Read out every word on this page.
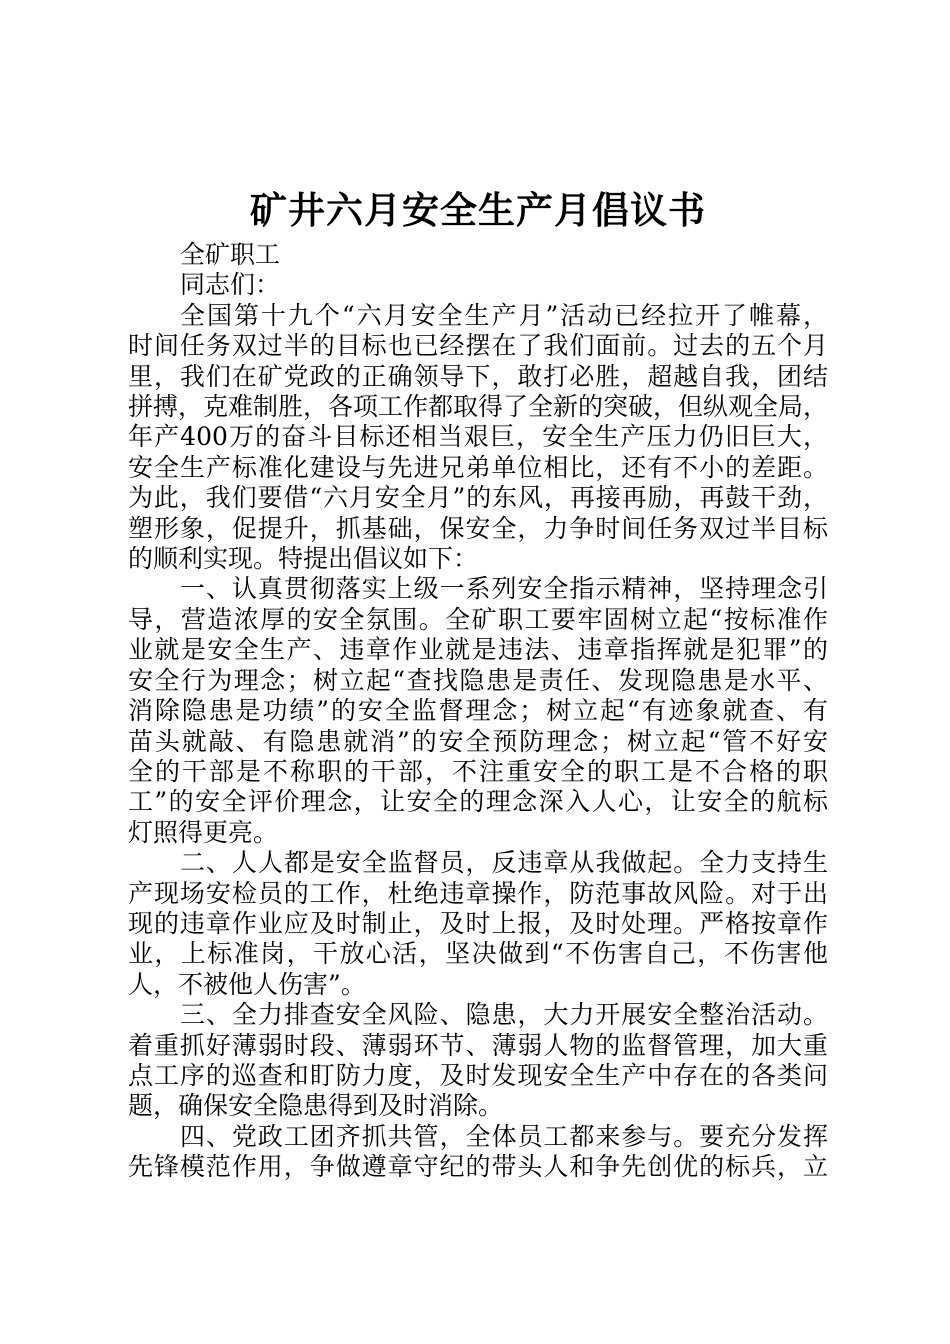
矿井六月安全生产月倡议书

全矿职工

同志们：

全国第十九个“六月安全生产月”活动已经拉开了帷幕，

时间任务双过半的目标也已经摆在了我们面前。过去的五个月

里，我们在矿党政的正确领导下，敢打必胜，超越自我，团结

拼搏，克难制胜，各项工作都取得了全新的突破，但纵观全局，

年产400万的奋斗目标还相当艰巨，安全生产压力仍旧巨大，

安全生产标准化建设与先进兄弟单位相比，还有不小的差距。

为此，我们要借“六月安全月”的东风，再接再励，再鼓干劲，

塑形象，促提升，抓基础，保安全，力争时间任务双过半目标

的顺利实现。特提出倡议如下：

一、认真贯彻落实上级一系列安全指示精神，坚持理念引

导，营造浓厚的安全氛围。全矿职工要牢固树立起“按标准作

业就是安全生产、违章作业就是违法、违章指挥就是犯罪”的

安全行为理念；树立起“查找隐患是责任、发现隐患是水平、

消除隐患是功绩”的安全监督理念；树立起“有迹象就查、有

苗头就敲、有隐患就消”的安全预防理念；树立起“管不好安

全的干部是不称职的干部，不注重安全的职工是不合格的职

工”的安全评价理念，让安全的理念深入人心，让安全的航标

灯照得更亮。

二、人人都是安全监督员，反违章从我做起。全力支持生

产现场安检员的工作，杜绝违章操作，防范事故风险。对于出

现的违章作业应及时制止，及时上报，及时处理。严格按章作

业，上标准岗，干放心活，坚决做到“不伤害自己，不伤害他

人，不被他人伤害”。

三、全力排查安全风险、隐患，大力开展安全整治活动。

着重抓好薄弱时段、薄弱环节、薄弱人物的监督管理，加大重

点工序的巡查和盯防力度，及时发现安全生产中存在的各类问

题，确保安全隐患得到及时消除。

四、党政工团齐抓共管，全体员工都来参与。要充分发挥

先锋模范作用，争做遵章守纪的带头人和争先创优的标兵，立
